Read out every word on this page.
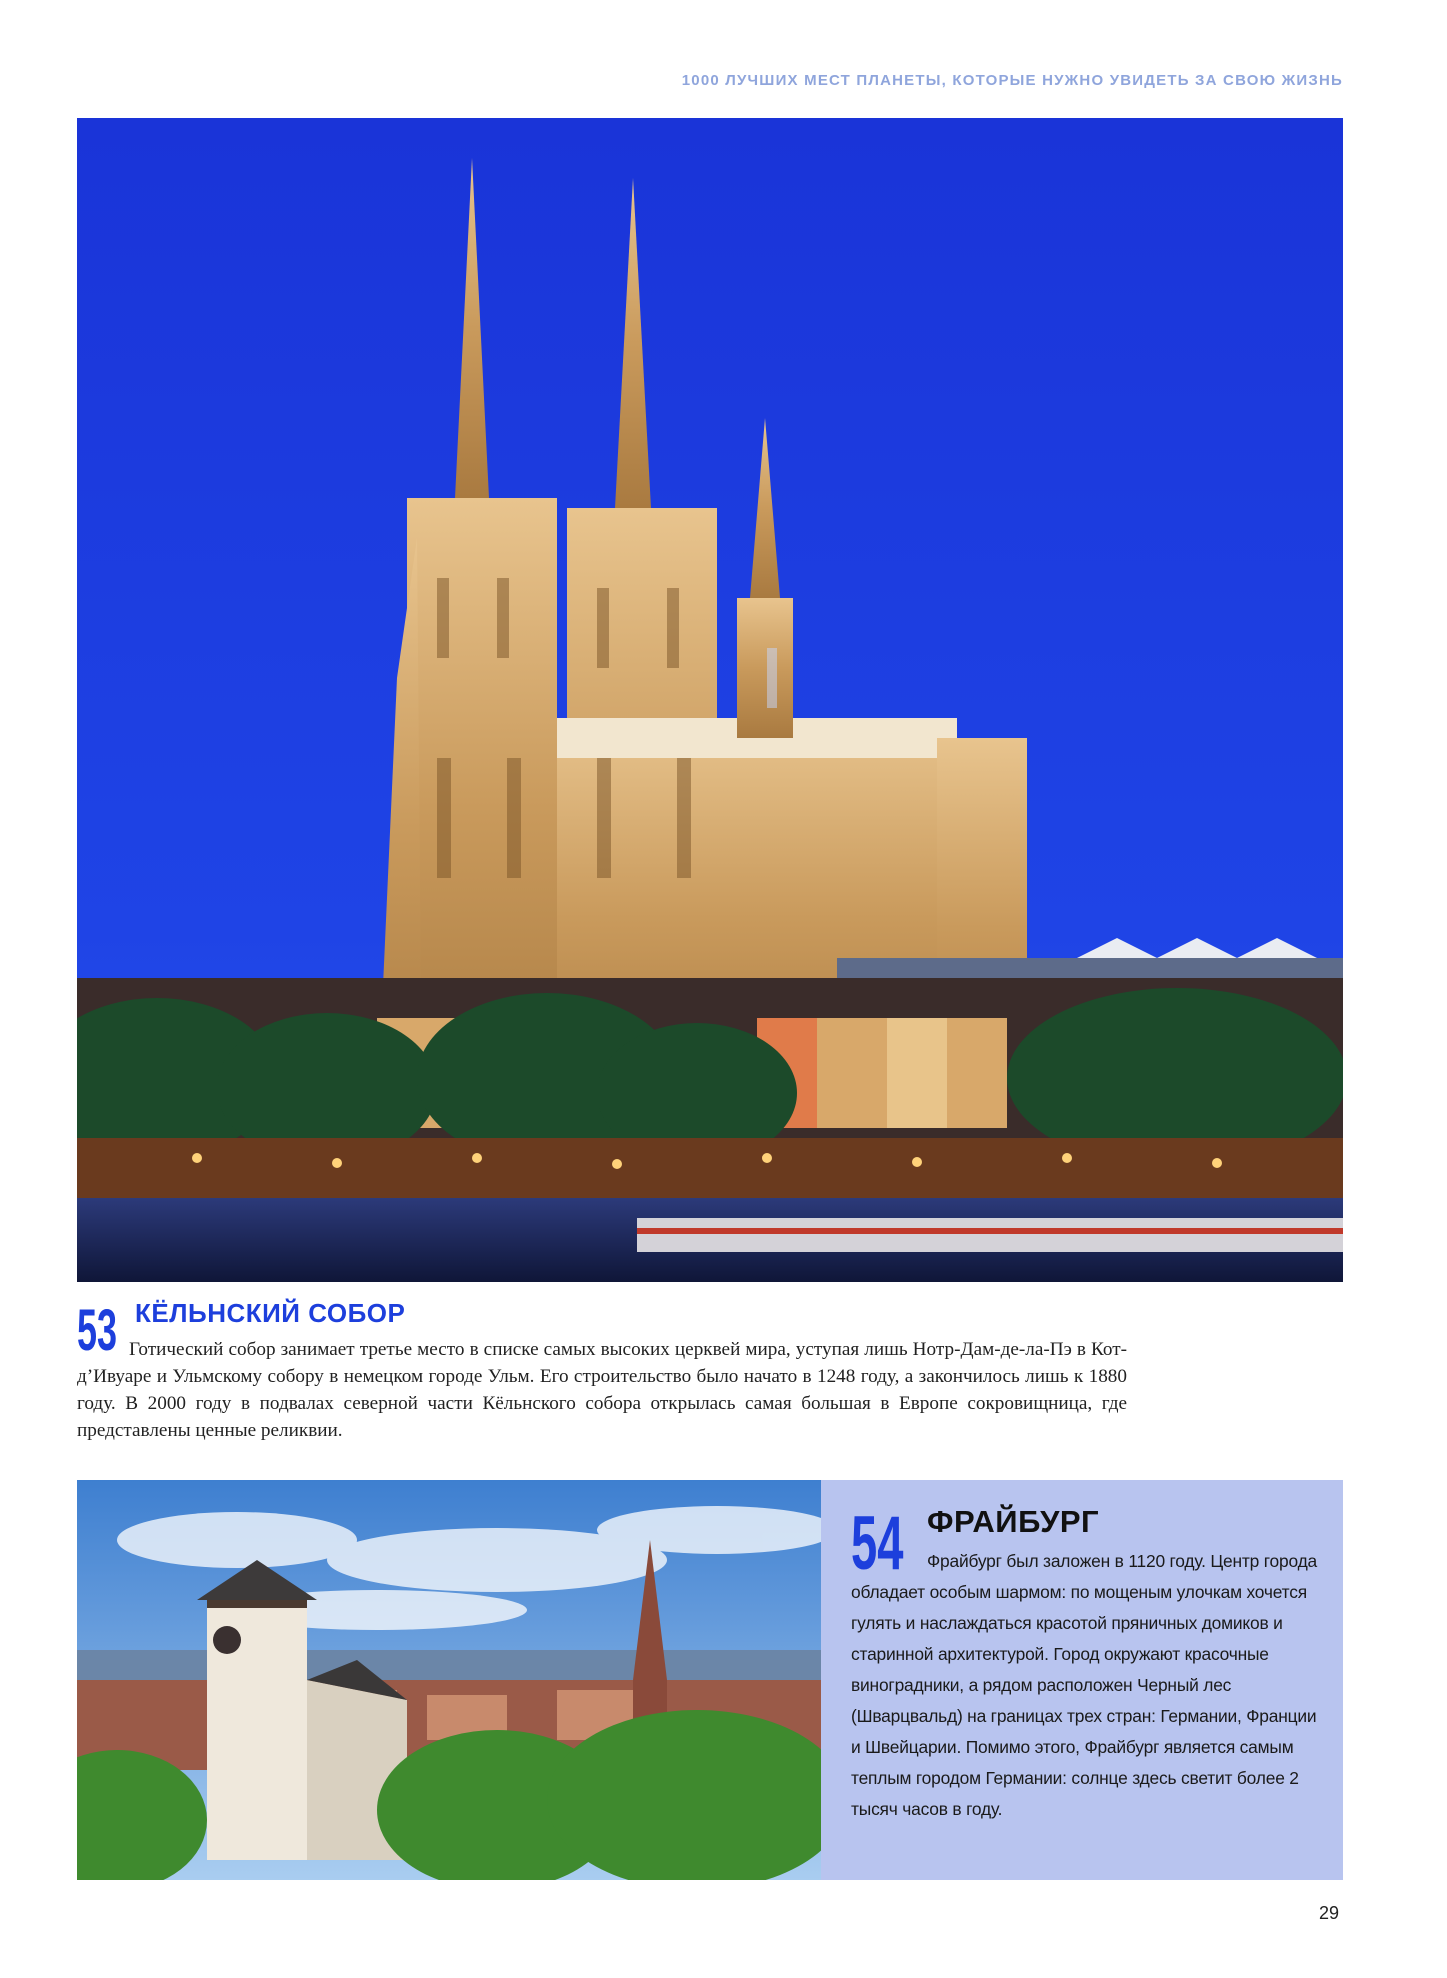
1000 ЛУЧШИХ МЕСТ ПЛАНЕТЫ, КОТОРЫЕ НУЖНО УВИДЕТЬ ЗА СВОЮ ЖИЗНЬ
53 КЁЛЬНСКИЙ СОБОР
Готический собор занимает третье место в списке самых высоких церквей мира, уступая лишь Нотр-Дам-де-ла-Пэ в Кот-д’Ивуаре и Ульмскому собору в немецком городе Ульм. Его строительство было начато в 1248 году, а закончилось лишь к 1880 году. В 2000 году в подвалах северной части Кёльнского собора открылась самая большая в Европе сокровищница, где представлены ценные реликвии.
54 ФРАЙБУРГ
Фрайбург был заложен в 1120 году. Центр города обладает особым шармом: по мощеным улочкам хочется гулять и наслаждаться красотой пряничных домиков и старинной архитектурой. Город окружают красочные виноградники, а рядом расположен Черный лес (Шварцвальд) на границах трех стран: Германии, Франции и Швейцарии. Помимо этого, Фрайбург является самым теплым городом Германии: солнце здесь светит более 2 тысяч часов в году.
29
